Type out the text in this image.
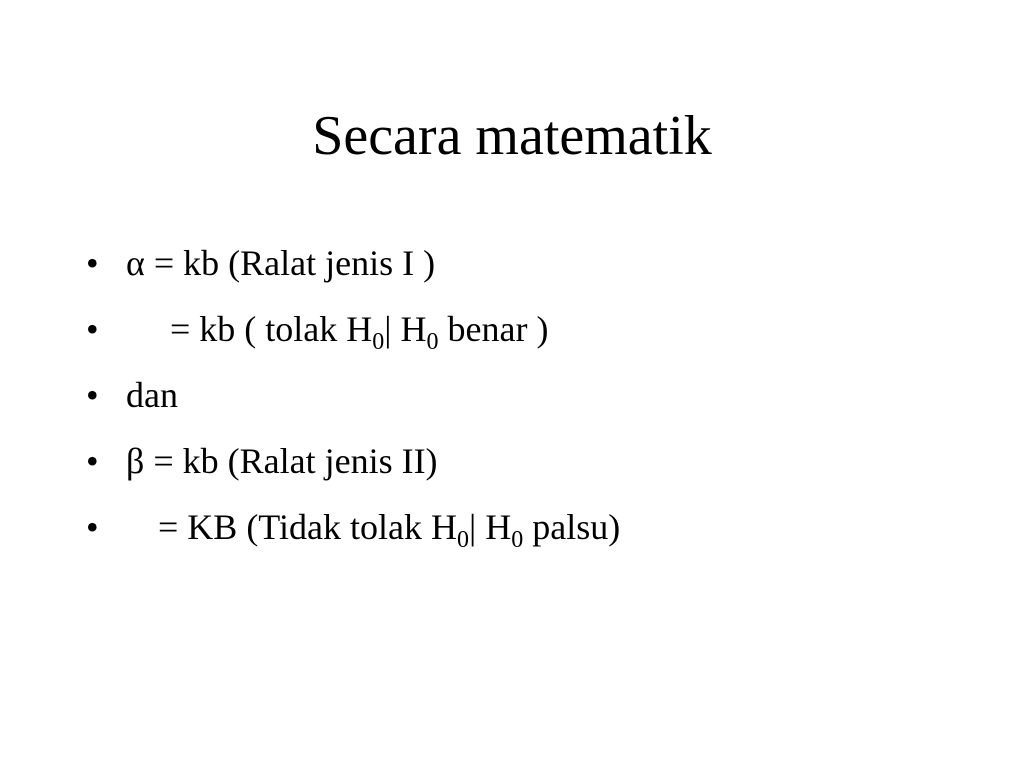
Secara matematik
• α = kb (Ralat jenis I )
• = kb ( tolak $H_0|$ $H_0$ benar )
• dan
• β = kb (Ralat jenis II)
• = KB (Tidak tolak $H_0|$ $H_0$ palsu)
